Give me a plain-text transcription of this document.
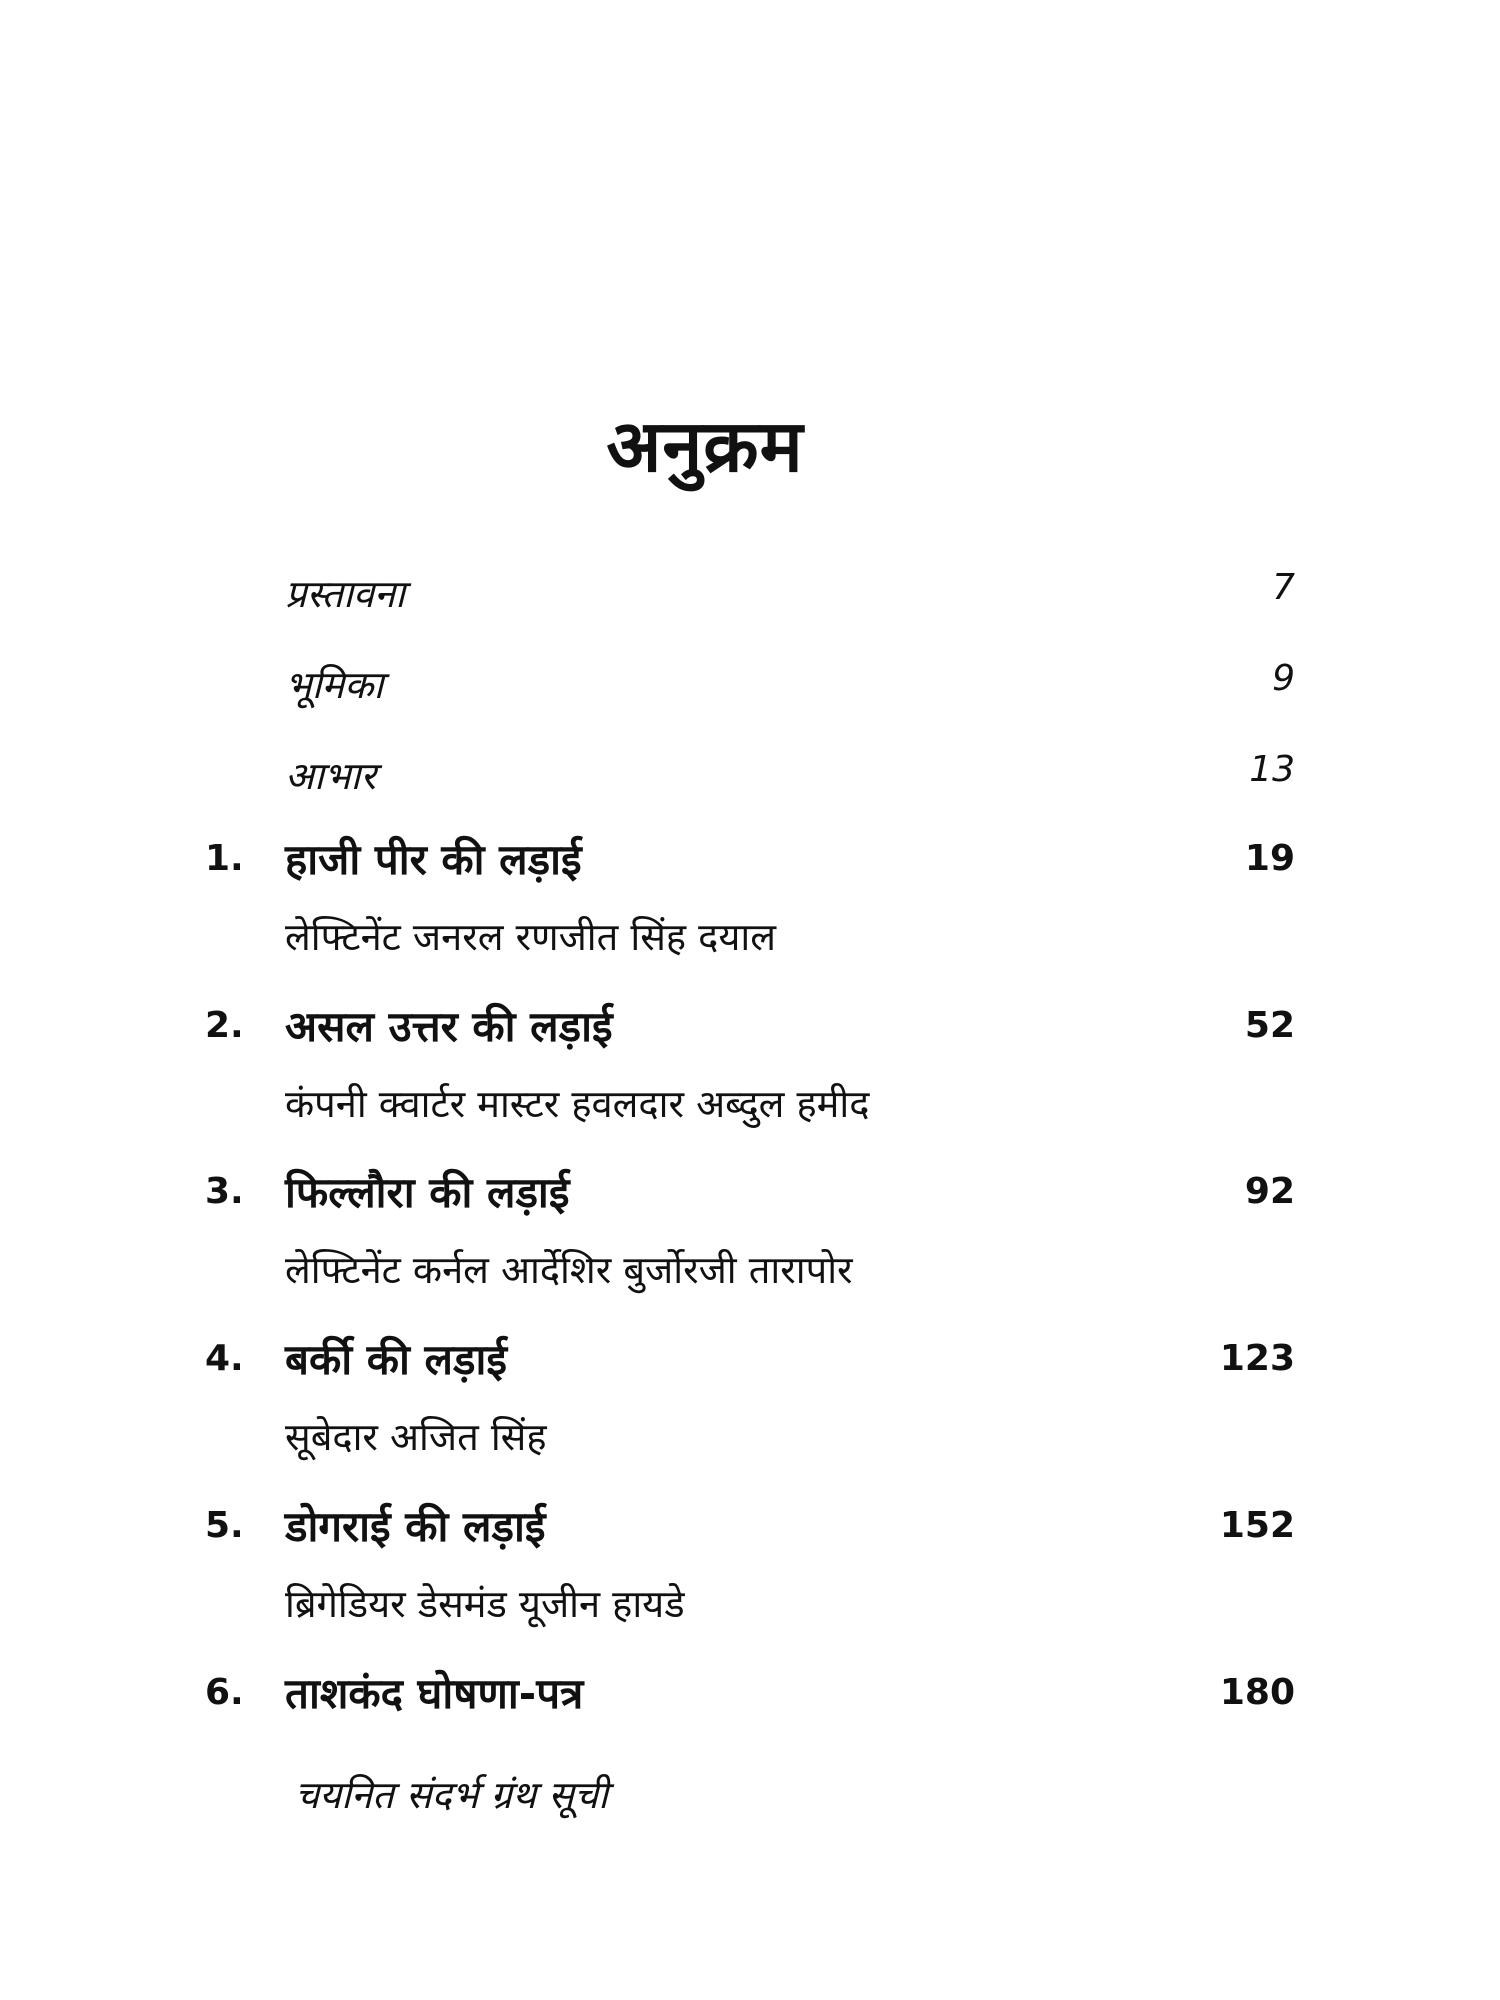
अनुक्रम
प्रस्तावना	7
भूमिका	9
आभार	13
1. हाजी पीर की लड़ाई	19
लेफ्टिनेंट जनरल रणजीत सिंह दयाल
2. असल उत्तर की लड़ाई	52
कंपनी क्वार्टर मास्टर हवलदार अब्दुल हमीद
3. फिल्लौरा की लड़ाई	92
लेफ्टिनेंट कर्नल आर्देशिर बुर्जोरजी तारापोर
4. बर्की की लड़ाई	123
सूबेदार अजित सिंह
5. डोगराई की लड़ाई	152
ब्रिगेडियर डेसमंड यूजीन हायडे
6. ताशकंद घोषणा-पत्र	180
चयनित संदर्भ ग्रंथ सूची
